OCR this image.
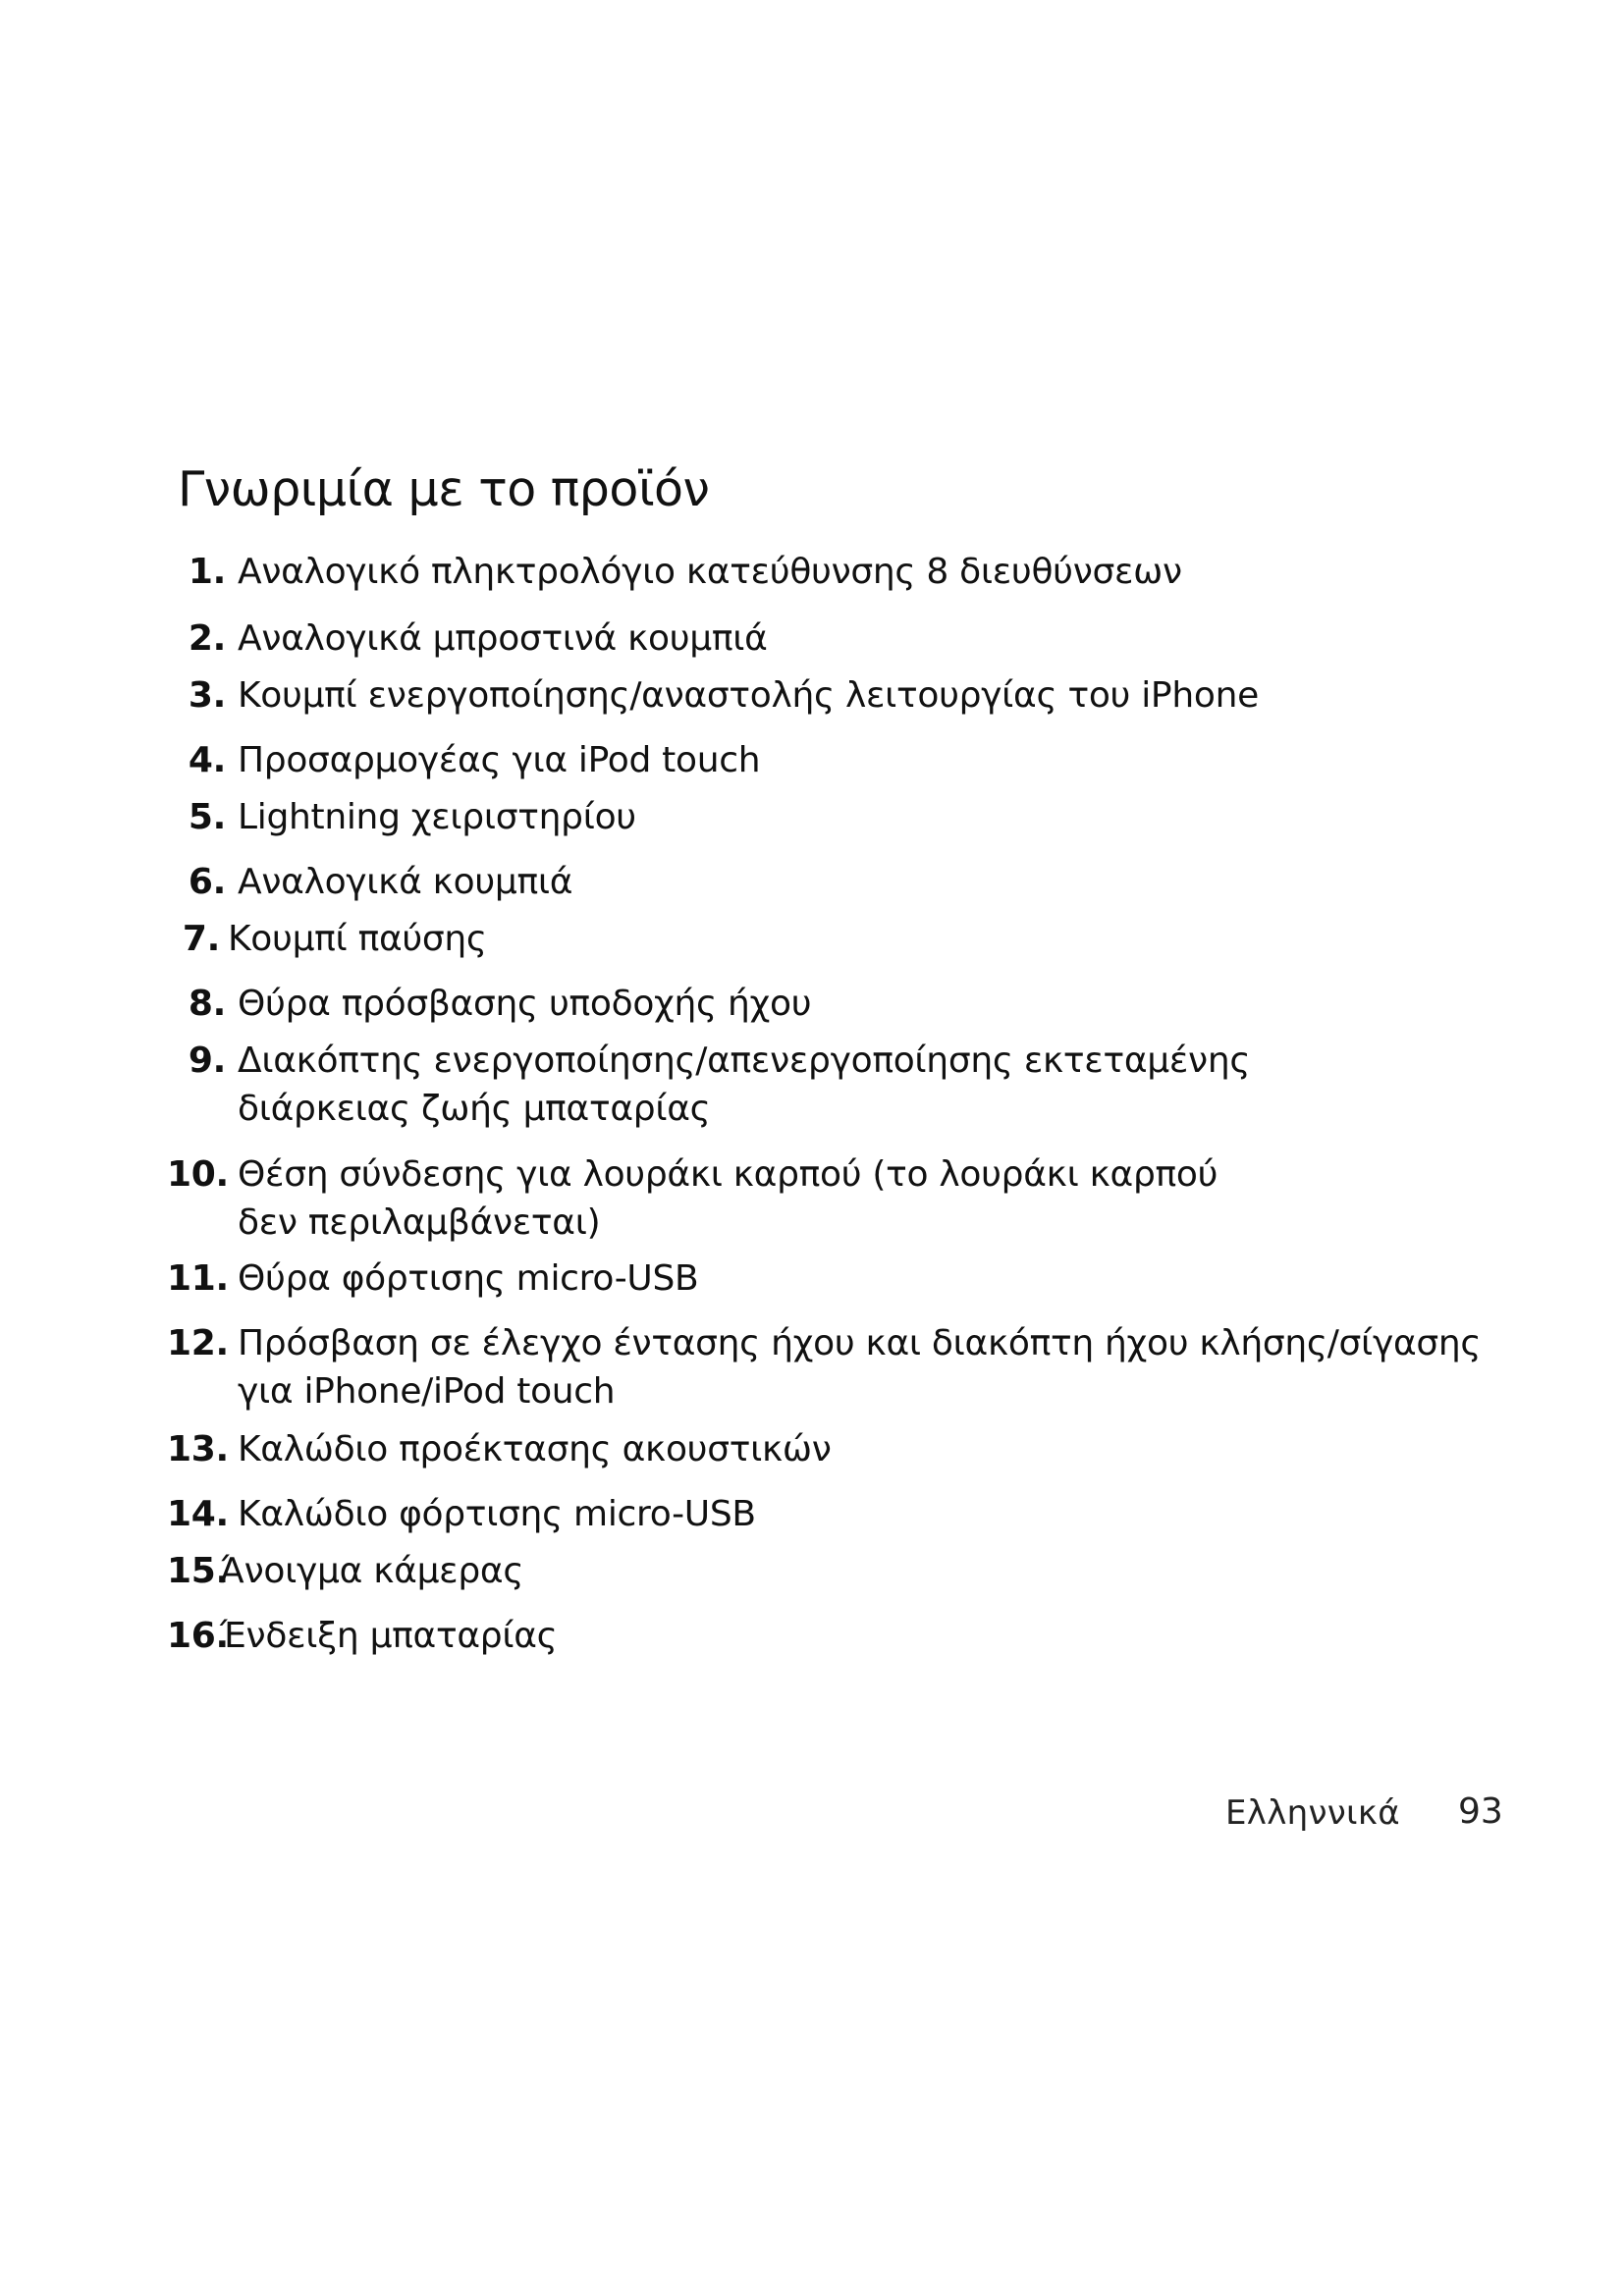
Γνωριμία με το προϊόν
1. Αναλογικό πληκτρολόγιο κατεύθυνσης 8 διευθύνσεων
2. Αναλογικά μπροστινά κουμπιά
3. Κουμπί ενεργοποίησης/αναστολής λειτουργίας του iPhone
4. Προσαρμογέας για iPod touch
5. Lightning χειριστηρίου
6. Αναλογικά κουμπιά
7. Κουμπί παύσης
8. Θύρα πρόσβασης υποδοχής ήχου
9. Διακόπτης ενεργοποίησης/απενεργοποίησης εκτεταμένης
διάρκειας ζωής μπαταρίας
10. Θέση σύνδεσης για λουράκι καρπού (το λουράκι καρπού
δεν περιλαμβάνεται)
11. Θύρα φόρτισης micro-USB
12. Πρόσβαση σε έλεγχο έντασης ήχου και διακόπτη ήχου κλήσης/σίγασης
για iPhone/iPod touch
13. Καλώδιο προέκτασης ακουστικών
14. Καλώδιο φόρτισης micro-USB
15.
Άνοιγμα κάμερας
16.
Ένδειξη μπαταρίας
Ελληννικά 93
